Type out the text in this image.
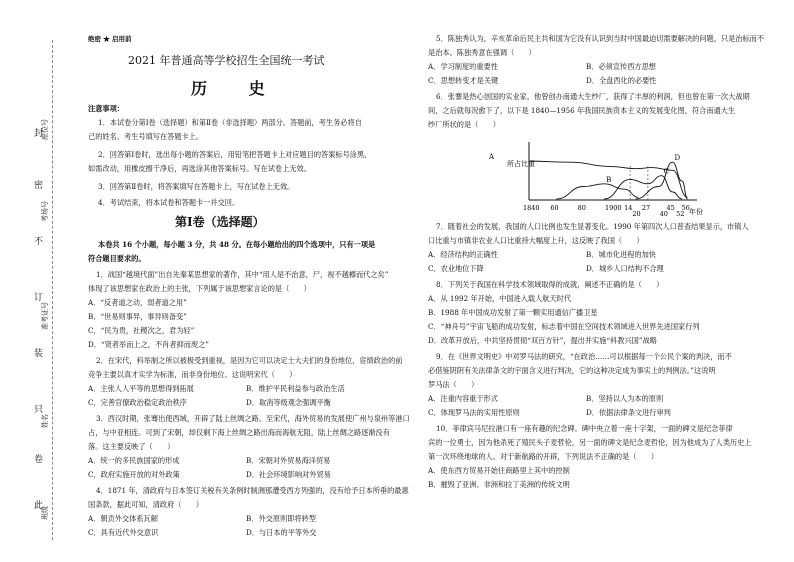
封
密
不
订
装
只
卷
此
座位号
考场号
准考证号
姓名
班级
绝密 ★ 启用前
2021 年普通高等学校招生全国统一考试
历 史
注意事项：
1．本试卷分第Ⅰ卷（选择题）和第Ⅱ卷（非选择题）两部分。答题前，考生务必将自
己的姓名、考生号填写在答题卡上。
2．回答第Ⅰ卷时，选出每小题的答案后，用铅笔把答题卡上对应题目的答案标号涂黑，
如需改动，用橡皮擦干净后，再选涂其他答案标号。写在试卷上无效。
3．回答第Ⅱ卷时，将答案填写在答题卡上，写在试卷上无效。
4．考试结束，将本试卷和答题卡一并交回。
第Ⅰ卷（选择题）
本卷共 16 个小题，每小题 3 分，共 48 分。在每小题给出的四个选项中，只有一项是
符合题目要求的。
1．战国“越境代面”出自先秦某思想家的著作，其中“用人是不治意，尸，视不越樽而代之矣”
体现了该思想家在政治上的主张，下列属于该思想家言论的是（　　）
A．“反者道之动，弱者道之用”
B．“世易则事异，事异则备变”
C．“民为贵，社稷次之，君为轻”
D．“贤者举而上之，不肖者抑而废之”
2．在宋代，科举制之所以被极受到重视，是因为它可以决定士大夫们的身份地位，宦绩政治的前
竞争主要以真才实学为标准，而非身份地位。这说明宋代（　　）
A．主张人人平等的思想得到拓展	B．维护平民利益参与政治生活
C．完善官僚政治稳定政治秩序	D．取消等级观念强调平衡
3．西汉时期，张骞出使西域，开辟了陆上丝绸之路。至宋代，海外贸易的发展使广州与泉州等港口
占，与中亚相连。可到了宋朝，却仅剩下海上丝绸之路出海而海航无阻，陆上丝绸之路逐渐没有
落。这主要反映了（　　）
A．统一的多民族国家的形成	B．宋朝对外贸易海洋贸易
C．政府实施开放的对外政策	D．社会环境影响对外贸易
4．1871 年，清政府与日本签订关税有关条例时制测那遭受西方列强的，没有给予日本所垂的最惠
国条款，据此可知，清政府（　　）
A．朝贡外交体系瓦解	B．外交原则即将转型
C．具有近代外交意识	D．与日本的平等外交
5．陈独秀认为，辛亥革命后民主共和国为它没有认识到当时中国最迫切需要解决的问题，只是治标而不
是治本。陈独秀意在强调（　　）
A．学习制度的重要性	B．必须宣传西方思想
C．思想转变才是关键	D．全盘西化的必要性
6．张謇是热心创国的实业家，他曾创办南通大生纱厂，获得了丰厚的利润，但也曾在第一次大战期
间，之后就每况愈下了，以下是 1840—1956 年我国民族资本主义的发展变化图，符合南通大生
纱厂所状的是（　　）
7．随着社会的发展，我国的人口比例也发生显著变化。1990 年第四次人口普查结果显示，市镇人
口比重与市镇非农业人口比重持大幅度上升，这反映了我国（　　）
A．经济结构的正确性	B．城市化进程的加快
C．农业地位下降	D．城乡人口结构不合理
8．下列关于我国在科学技术领域取得的成就，阐述不正确的是（　　）
A．从 1992 年开始，中国进入载人航天时代
B．1988 年中国成功发射了第一颗实用通信广播卫星
C．“神舟号”宇宙飞船的成功发射，标志着中国在空间技术领域进入世界先进国家行列
D．改革开放后，中共坚持贯彻“双百方针”，提出并实施“科教兴国”战略
9．在《世界文明史》中对罗马法的研究，“在政治……可以根据每一个公民个案的判决，而不
必借鉴阴阴有关法律条文的宇面含义进行判决，它的这种决定成为事实上的判例法。”这说明
罗马法（　　）
A．注重内容重于形式	B．坚持以人为本的原则
C．体现罗马法的实用性原则	D．依据法律条文进行审判
10．菲律宾马尼拉港口有一座有趣的纪念碑。碑中央立着一座十字架，一面的碑文是纪念菲律
宾的一位勇士，因为他杀死了殖民头子麦哲伦，另一面的碑文是纪念麦哲伦，因为他成为了人类历史上
第一次环绕地球的人。对于新航路的开辟，下列说法不正确的是（　　）
A．使东西方贸易开始往商路里上其中的控制
B．摧毁了亚洲、非洲和拉丁美洲的传统文明
所占比重
年份
1840 60	80	1900 14
20
27
40
45
52
56
A
B
C
D
